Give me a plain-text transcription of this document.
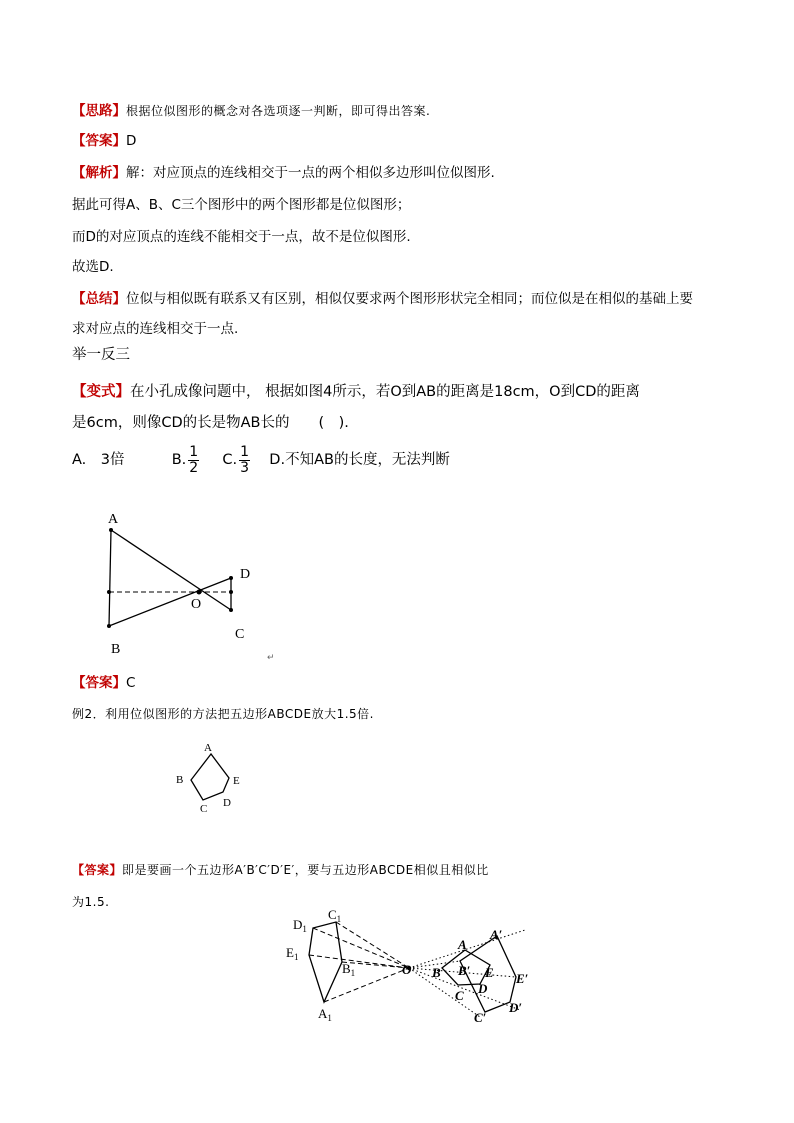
【思路】根据位似图形的概念对各选项逐一判断，即可得出答案.
【答案】D
【解析】解：对应顶点的连线相交于一点的两个相似多边形叫位似图形.
据此可得A、B、C三个图形中的两个图形都是位似图形；
而D的对应顶点的连线不能相交于一点，故不是位似图形.
故选D.
【总结】位似与相似既有联系又有区别，相似仅要求两个图形形状完全相同；而位似是在相似的基础上要
求对应点的连线相交于一点.
举一反三
【变式】在小孔成像问题中， 根据如图4所示，若O到AB的距离是18cm，O到CD的距离
是6cm，则像CD的长是物AB长的　　(　).
A.　3倍	B. $\frac{1}{2} C$. $\frac{1}{3} D$.不知AB的长度，无法判断
A
B
O
D
C
↵
【答案】C
例2．利用位似图形的方法把五边形ABCDE放大1.5倍.
A
B
C D
E
【答案】即是要画一个五边形A′B′C′D′E′，要与五边形ABCDE相似且相似比
为1.5.
$D_1$
$C_1$
$E_1$
$B_1$
$A_1$
O
A
A′
B B′ E E′
C D
C′
D′
